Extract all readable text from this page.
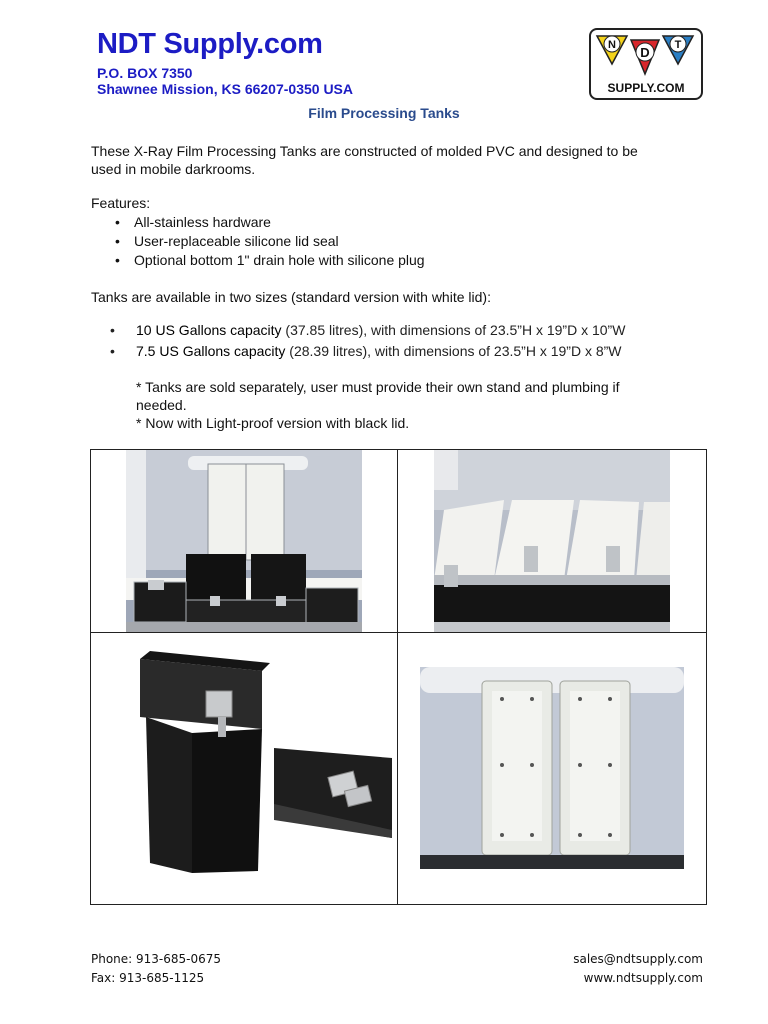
NDT Supply.com
P.O. BOX 7350
Shawnee Mission, KS 66207-0350 USA
N D T
SUPPLY.COM
Film Processing Tanks
These X-Ray Film Processing Tanks are constructed of molded PVC and designed to be
used in mobile darkrooms.
Features:
• All-stainless hardware
• User-replaceable silicone lid seal
• Optional bottom 1" drain hole with silicone plug
Tanks are available in two sizes (standard version with white lid):
• 10 US Gallons capacity (37.85 litres), with dimensions of 23.5”H x 19”D x 10”W
• 7.5 US Gallons capacity (28.39 litres), with dimensions of 23.5”H x 19”D x 8”W
* Tanks are sold separately, user must provide their own stand and plumbing if
needed.
* Now with Light-proof version with black lid.
Phone: 913-685-0675
Fax: 913-685-1125
sales@ndtsupply.com
www.ndtsupply.com
